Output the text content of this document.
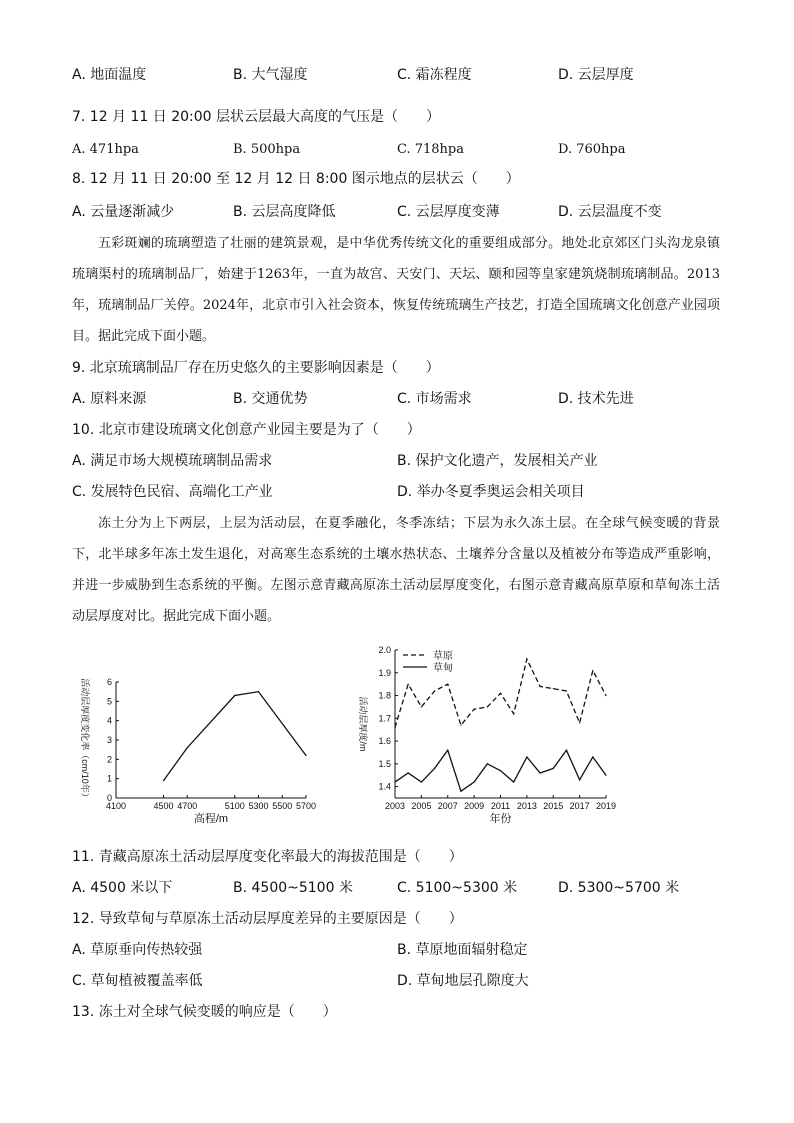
A. 地面温度	B. 大气湿度	C. 霜冻程度	D. 云层厚度
7. 12 月 11 日 20:00 层状云层最大高度的气压是（　　）
A. 471hpa	B. 500hpa	C. 718hpa	D. 760hpa
8. 12 月 11 日 20:00 至 12 月 12 日 8:00 图示地点的层状云（　　）
A. 云量逐渐减少	B. 云层高度降低	C. 云层厚度变薄	D. 云层温度不变
五彩斑斓的琉璃塑造了壮丽的建筑景观，是中华优秀传统文化的重要组成部分。地处北京郊区门头沟龙泉镇琉璃渠村的琉璃制品厂，始建于1263年，一直为故宫、天安门、天坛、颐和园等皇家建筑烧制琉璃制品。2013年，琉璃制品厂关停。2024年，北京市引入社会资本，恢复传统琉璃生产技艺，打造全国琉璃文化创意产业园项目。据此完成下面小题。
9. 北京琉璃制品厂存在历史悠久的主要影响因素是（　　）
A. 原料来源	B. 交通优势	C. 市场需求	D. 技术先进
10. 北京市建设琉璃文化创意产业园主要是为了（　　）
A. 满足市场大规模琉璃制品需求	B. 保护文化遗产，发展相关产业
C. 发展特色民宿、高端化工产业	D. 举办冬夏季奥运会相关项目
冻土分为上下两层，上层为活动层，在夏季融化，冬季冻结；下层为永久冻土层。在全球气候变暖的背景下，北半球多年冻土发生退化，对高寒生态系统的土壤水热状态、土壤养分含量以及植被分布等造成严重影响，并进一步威胁到生态系统的平衡。左图示意青藏高原冻土活动层厚度变化，右图示意青藏高原草原和草甸冻土活动层厚度对比。据此完成下面小题。
0
1
2
3
4
5
6
4100	4500 4700	5100 5300 5500 5700
高程/m
活动层厚度变化率（cm/10年）	1.4
1.5
1.6
1.7
1.8
1.9
2.0
2003 2005 2007 2009 2011 2013 2015 2017 2019
年份
活动层厚度/m
草原
草甸
11. 青藏高原冻土活动层厚度变化率最大的海拔范围是（　　）
A. 4500 米以下	B. 4500~5100 米	C. 5100~5300 米	D. 5300~5700 米
12. 导致草甸与草原冻土活动层厚度差异的主要原因是（　　）
A. 草原垂向传热较强	B. 草原地面辐射稳定
C. 草甸植被覆盖率低	D. 草甸地层孔隙度大
13. 冻土对全球气候变暖的响应是（　　）
